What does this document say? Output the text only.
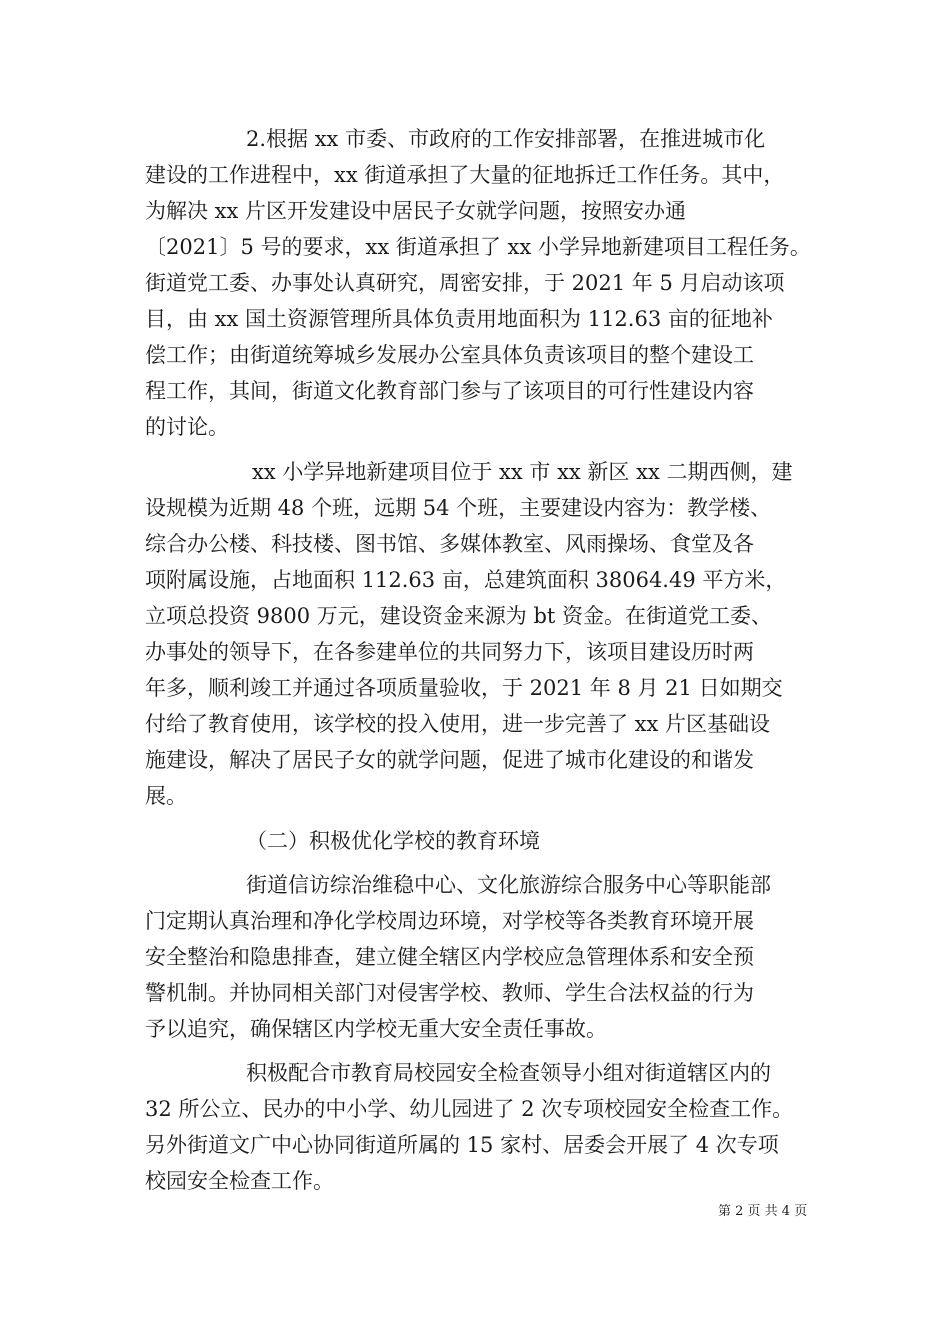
2.根据 xx 市委、市政府的工作安排部署，在推进城市化
建设的工作进程中，xx 街道承担了大量的征地拆迁工作任务。其中，
为解决 xx 片区开发建设中居民子女就学问题，按照安办通
〔2021〕5 号的要求，xx 街道承担了 xx 小学异地新建项目工程任务。
街道党工委、办事处认真研究，周密安排，于 2021 年 5 月启动该项
目，由 xx 国土资源管理所具体负责用地面积为 112.63 亩的征地补
偿工作；由街道统筹城乡发展办公室具体负责该项目的整个建设工
程工作，其间，街道文化教育部门参与了该项目的可行性建设内容
的讨论。
xx 小学异地新建项目位于 xx 市 xx 新区 xx 二期西侧，建
设规模为近期 48 个班，远期 54 个班，主要建设内容为：教学楼、
综合办公楼、科技楼、图书馆、多媒体教室、风雨操场、食堂及各
项附属设施，占地面积 112.63 亩，总建筑面积 38064.49 平方米，
立项总投资 9800 万元，建设资金来源为 bt 资金。在街道党工委、
办事处的领导下，在各参建单位的共同努力下，该项目建设历时两
年多，顺利竣工并通过各项质量验收，于 2021 年 8 月 21 日如期交
付给了教育使用，该学校的投入使用，进一步完善了 xx 片区基础设
施建设，解决了居民子女的就学问题，促进了城市化建设的和谐发
展。
（二）积极优化学校的教育环境
街道信访综治维稳中心、文化旅游综合服务中心等职能部
门定期认真治理和净化学校周边环境，对学校等各类教育环境开展
安全整治和隐患排查，建立健全辖区内学校应急管理体系和安全预
警机制。并协同相关部门对侵害学校、教师、学生合法权益的行为
予以追究，确保辖区内学校无重大安全责任事故。
积极配合市教育局校园安全检查领导小组对街道辖区内的
32 所公立、民办的中小学、幼儿园进了 2 次专项校园安全检查工作。
另外街道文广中心协同街道所属的 15 家村、居委会开展了 4 次专项
校园安全检查工作。
第 2 页 共 4 页
